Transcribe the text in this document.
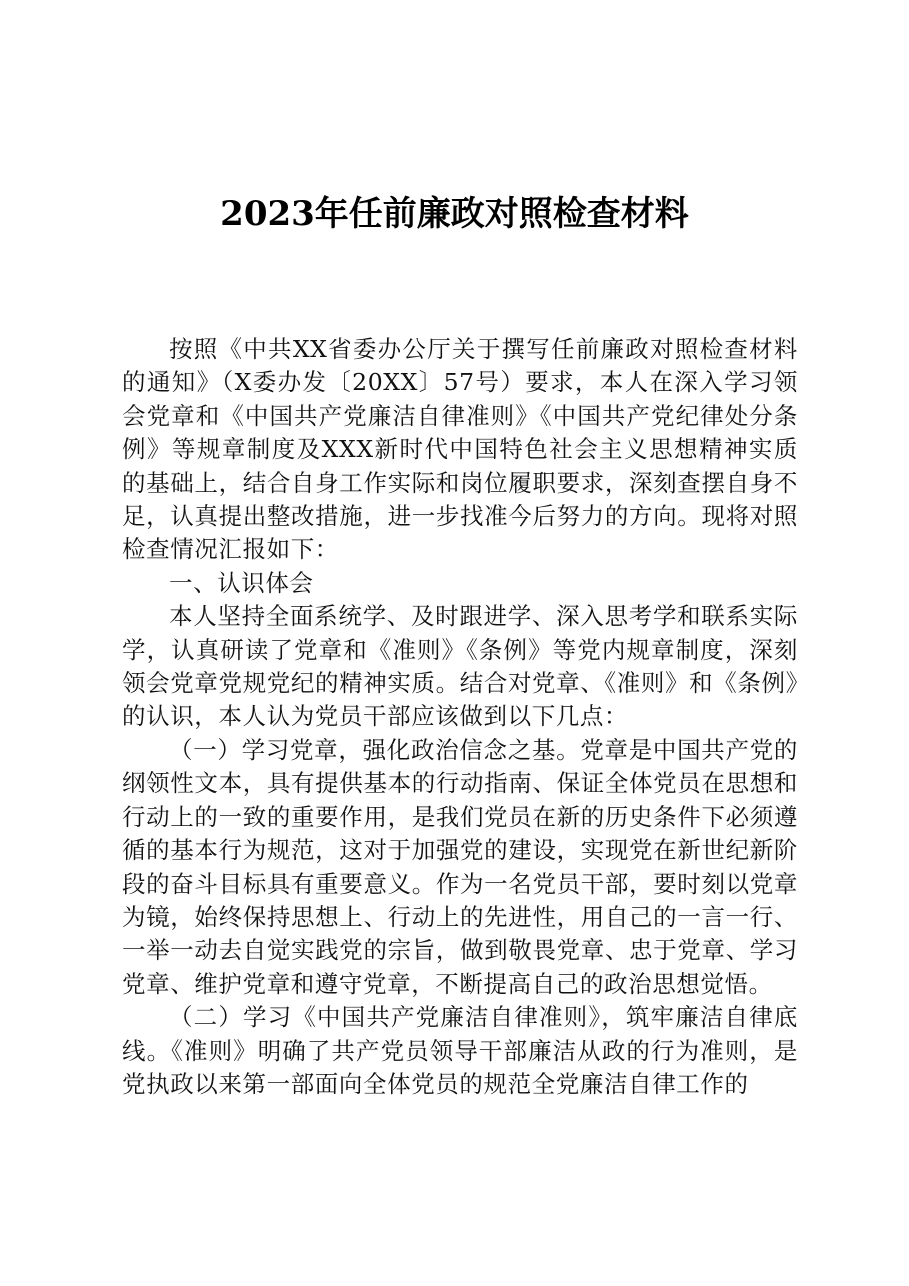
2023年任前廉政对照检查材料

按照《中共XX省委办公厅关于撰写任前廉政对照检查材料的通知》（X委办发〔20XX〕57号）要求，本人在深入学习领会党章和《中国共产党廉洁自律准则》《中国共产党纪律处分条例》等规章制度及XXX新时代中国特色社会主义思想精神实质的基础上，结合自身工作实际和岗位履职要求，深刻查摆自身不足，认真提出整改措施，进一步找准今后努力的方向。现将对照检查情况汇报如下：

一、认识体会

本人坚持全面系统学、及时跟进学、深入思考学和联系实际学，认真研读了党章和《准则》《条例》等党内规章制度，深刻领会党章党规党纪的精神实质。结合对党章、《准则》和《条例》的认识，本人认为党员干部应该做到以下几点：

（一）学习党章，强化政治信念之基。党章是中国共产党的纲领性文本，具有提供基本的行动指南、保证全体党员在思想和行动上的一致的重要作用，是我们党员在新的历史条件下必须遵循的基本行为规范，这对于加强党的建设，实现党在新世纪新阶段的奋斗目标具有重要意义。作为一名党员干部，要时刻以党章为镜，始终保持思想上、行动上的先进性，用自己的一言一行、一举一动去自觉实践党的宗旨，做到敬畏党章、忠于党章、学习党章、维护党章和遵守党章，不断提高自己的政治思想觉悟。

（二）学习《中国共产党廉洁自律准则》，筑牢廉洁自律底线。《准则》明确了共产党员领导干部廉洁从政的行为准则，是党执政以来第一部面向全体党员的规范全党廉洁自律工作的
